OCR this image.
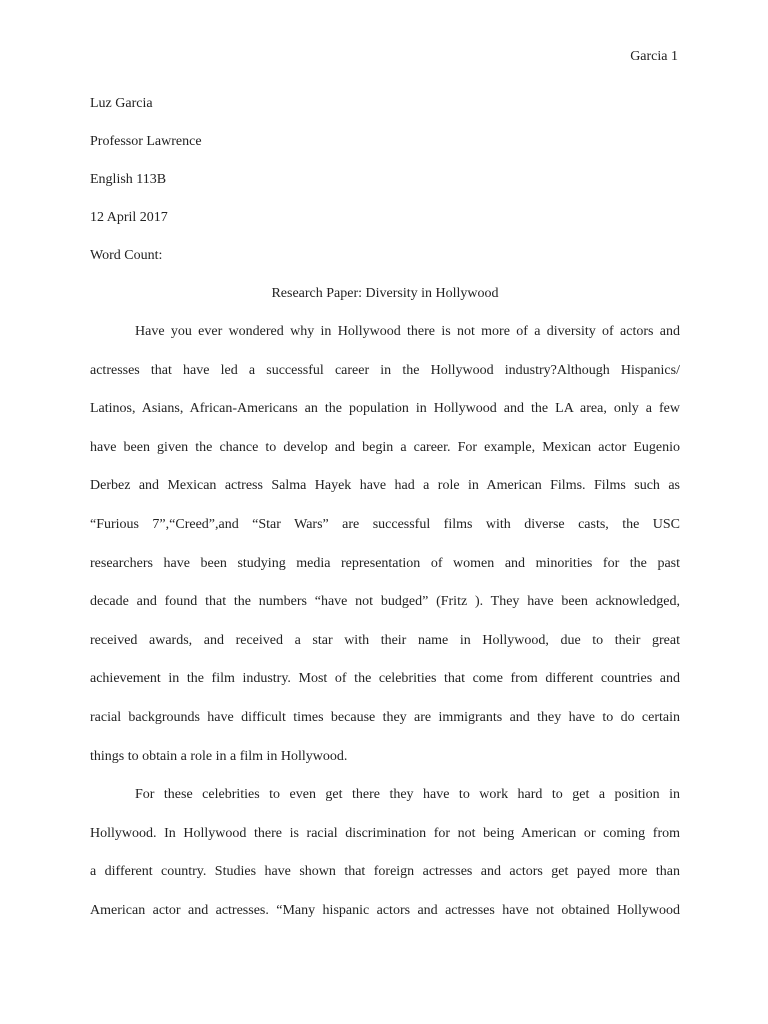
Garcia 1
Luz Garcia
Professor Lawrence
English 113B
12 April 2017
Word Count:
Research Paper: Diversity in Hollywood
Have you ever wondered why in Hollywood there is not more of a diversity of actors and
actresses that have led a successful career in the Hollywood industry?Although Hispanics/
Latinos, Asians, African-Americans an the population in Hollywood and the LA area, only a few
have been given the chance to develop and begin a career. For example, Mexican actor Eugenio
Derbez and Mexican actress Salma Hayek have had a role in American Films. Films such as
“Furious 7”,“Creed”,and “Star Wars” are successful films with diverse casts, the USC
researchers have been studying media representation of women and minorities for the past
decade and found that the numbers “have not budged” (Fritz ). They have been acknowledged,
received awards, and received a star with their name in Hollywood, due to their great
achievement in the film industry. Most of the celebrities that come from different countries and
racial backgrounds have difficult times because they are immigrants and they have to do certain
things to obtain a role in a film in Hollywood.
For these celebrities to even get there they have to work hard to get a position in
Hollywood. In Hollywood there is racial discrimination for not being American or coming from
a different country. Studies have shown that foreign actresses and actors get payed more than
American actor and actresses. “Many hispanic actors and actresses have not obtained Hollywood
